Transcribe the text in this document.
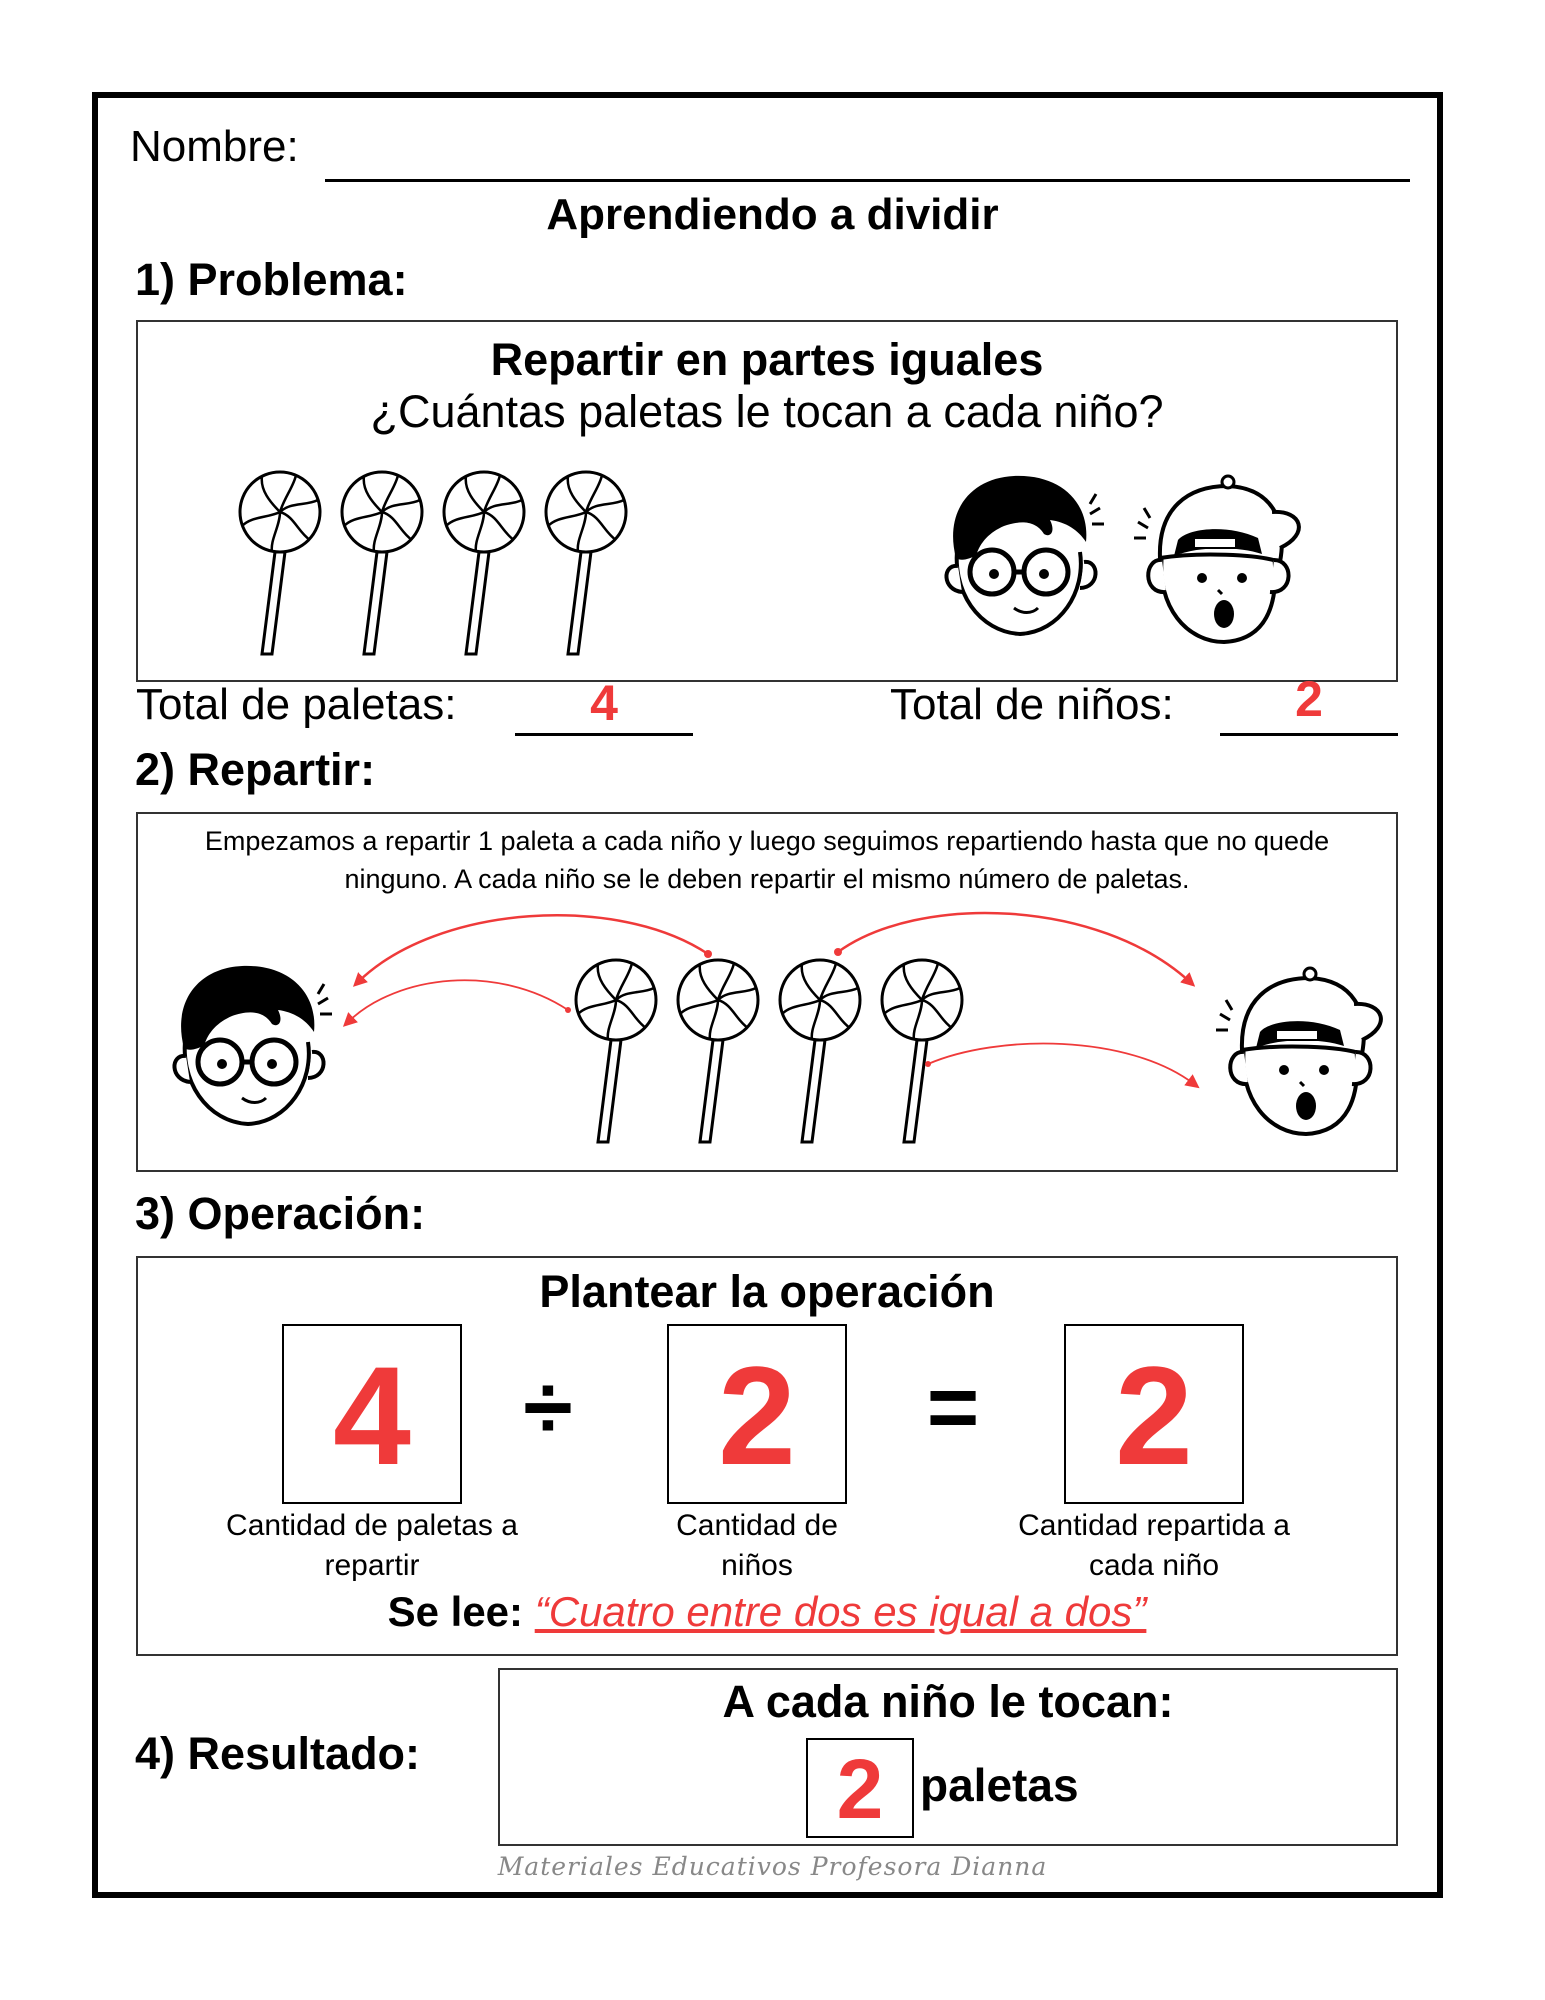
Nombre:
Aprendiendo a dividir
1) Problema:
Repartir en partes iguales
¿Cuántas paletas le tocan a cada niño?
Total de paletas:	4	Total de niños:	2
2) Repartir:
Empezamos a repartir 1 paleta a cada niño y luego seguimos repartiendo hasta que no quede ninguno. A cada niño se le deben repartir el mismo número de paletas.
3) Operación:
Plantear la operación
4	÷	2	= 2
Cantidad de paletas a repartir
Cantidad de niños
Cantidad repartida a cada niño
Se lee: “Cuatro entre dos es igual a dos”
4) Resultado:
A cada niño le tocan:
2 paletas
Materiales Educativos Profesora Dianna
